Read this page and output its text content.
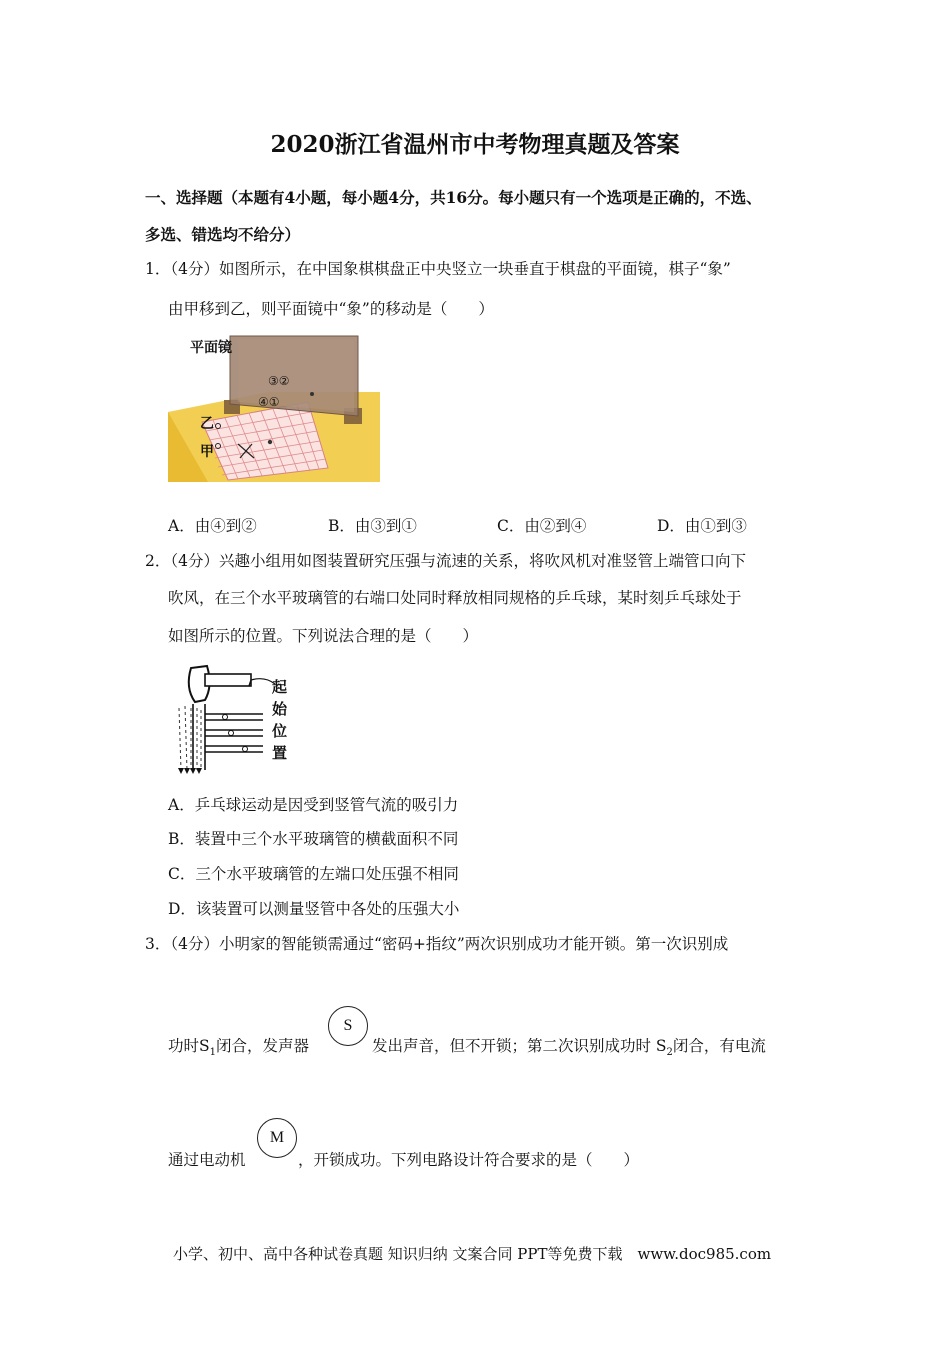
2020浙江省温州市中考物理真题及答案
一、选择题（本题有4小题，每小题4分，共16分。每小题只有一个选项是正确的，不选、
多选、错选均不给分）
1．（4分）如图所示，在中国象棋棋盘正中央竖立一块垂直于棋盘的平面镜，棋子“象”
由甲移到乙，则平面镜中“象”的移动是（　　）
平面镜
③②
④①
乙
甲
A．由④到②	B．由③到①	C．由②到④	D．由①到③
2．（4分）兴趣小组用如图装置研究压强与流速的关系，将吹风机对准竖管上端管口向下
吹风，在三个水平玻璃管的右端口处同时释放相同规格的乒乓球，某时刻乒乓球处于
如图所示的位置。下列说法合理的是（　　）
起
始
位
置
A．乒乓球运动是因受到竖管气流的吸引力
B．装置中三个水平玻璃管的横截面积不同
C．三个水平玻璃管的左端口处压强不相同
D．该装置可以测量竖管中各处的压强大小
3．（4分）小明家的智能锁需通过“密码+指纹”两次识别成功才能开锁。第一次识别成
功时$S_1$闭合，发声器
S
发出声音，但不开锁；第二次识别成功时 $S_2$闭合，有电流
通过电动机
M
，开锁成功。下列电路设计符合要求的是（　　）
小学、初中、高中各种试卷真题 知识归纳 文案合同 PPT等免费下载　www.doc985.com
